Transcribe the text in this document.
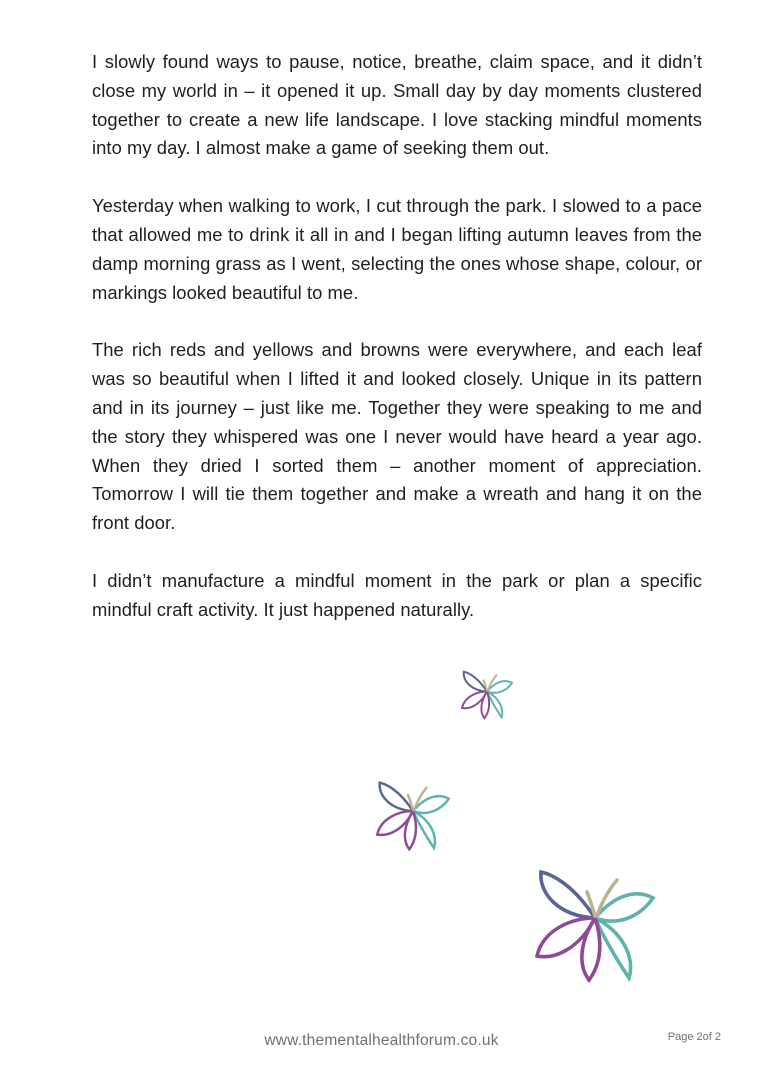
I slowly found ways to pause, notice, breathe, claim space, and it didn’t close my world in – it opened it up. Small day by day moments clustered together to create a new life landscape. I love stacking mindful moments into my day. I almost make a game of seeking them out.

Yesterday when walking to work, I cut through the park. I slowed to a pace that allowed me to drink it all in and I began lifting autumn leaves from the damp morning grass as I went, selecting the ones whose shape, colour, or markings looked beautiful to me.

The rich reds and yellows and browns were everywhere, and each leaf was so beautiful when I lifted it and looked closely. Unique in its pattern and in its journey – just like me. Together they were speaking to me and the story they whispered was one I never would have heard a year ago. When they dried I sorted them – another moment of appreciation. Tomorrow I will tie them together and make a wreath and hang it on the front door.

I didn’t manufacture a mindful moment in the park or plan a specific mindful craft activity. It just happened naturally.

www.thementalhealthforum.co.uk	Page 2of 2
